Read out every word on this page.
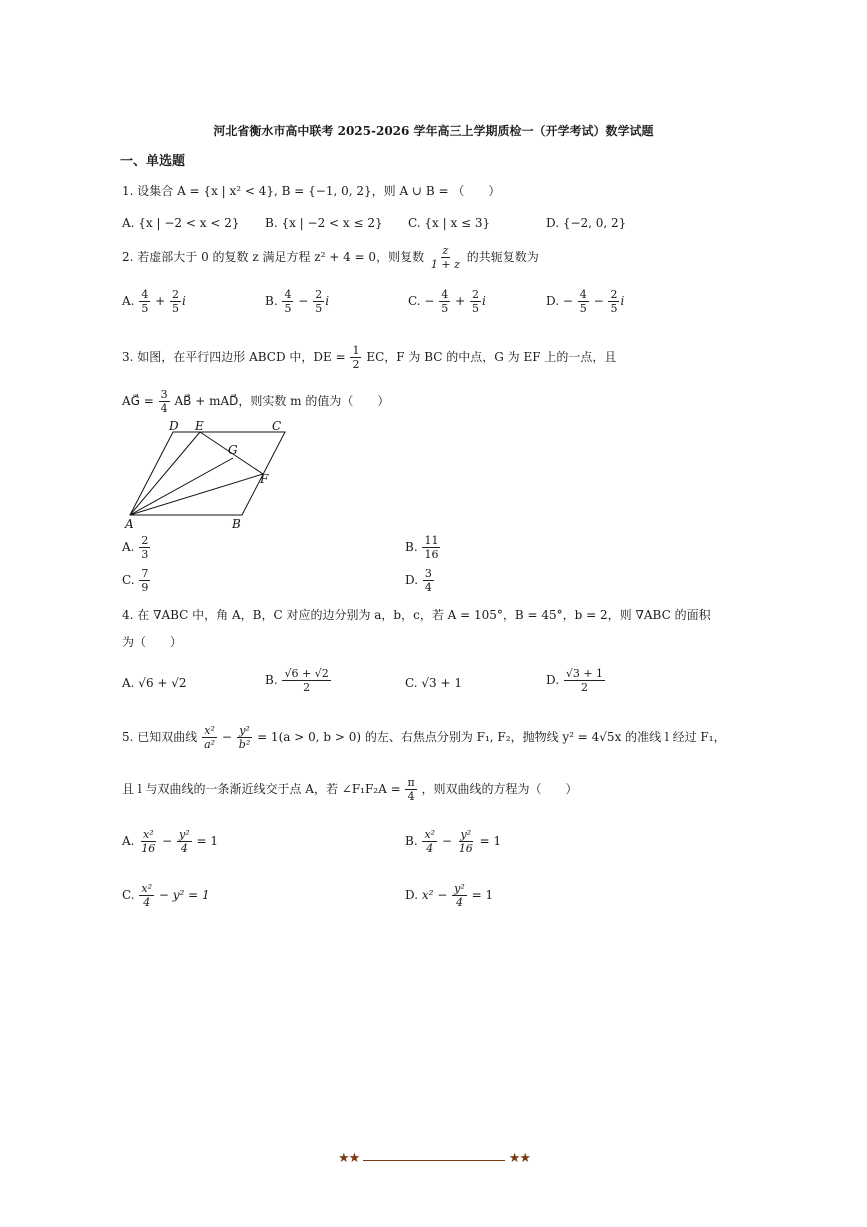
河北省衡水市高中联考 2025-2026 学年高三上学期质检一（开学考试）数学试题
一、单选题
1. 设集合 A = {x | x² < 4}, B = {−1, 0, 2}，则 A ∪ B = （　　）
A. {x | −2 < x < 2} B. {x | −2 < x ≤ 2} C. {x | x ≤ 3}	D. {−2, 0, 2}
2. 若虚部大于 0 的复数 z 满足方程 z² + 4 = 0，则复数 $\frac{z}{1 + z}$ 的共轭复数为
A. $\frac{4}{5} + \frac{2}{5}$ i	B. $\frac{4}{5} - \frac{2}{5}$ i	C. − $\frac{4}{5} + \frac{2}{5}$ i	D. − $\frac{4}{5} - \frac{2}{5}$ i
3. 如图，在平行四边形 ABCD 中，DE = $\frac{1}{2}$ EC，F 为 BC 的中点，G 为 EF 上的一点，且
AG⃗ = $\frac{3}{4}$ AB⃗ + mAD⃗，则实数 m 的值为（　　）
A	B
C
D E
F
G
A. $\frac{2}{3}$	B. $\frac{11}{16}$
C. $\frac{7}{9}$	D. $\frac{3}{4}$
4. 在 ∇ABC 中，角 A，B，C 对应的边分别为 a，b，c，若 A = 105°，B = 45°，b = 2，则 ∇ABC 的面积
为（　　）
A. √6 + √2	B. $\frac{√6 + √2}{2}$	C. √3 + 1	D. $\frac{√3 + 1}{2}$
5. 已知双曲线 $\frac{\text{x²}}{\text{a²}} - \frac{\text{y²}}{\text{b²}} = 1(a > 0$, b > 0) 的左、右焦点分别为 F₁, F₂，抛物线 y² = 4√5x 的准线 l 经过 F₁，
且 l 与双曲线的一条渐近线交于点 A，若 ∠F₁F₂A = $\frac{\pi}{4}$ ，则双曲线的方程为（　　）
A. $\frac{\text{x²}}{16} - \frac{\text{y²}}{4} = 1$	B. $\frac{\text{x²}}{4} - \frac{\text{y²}}{16} = 1$
C. $\frac{\text{x²}}{4} - y^2 = 1$	D. $x^2 - \frac{\text{y²}}{4} = 1$
★★	★★
